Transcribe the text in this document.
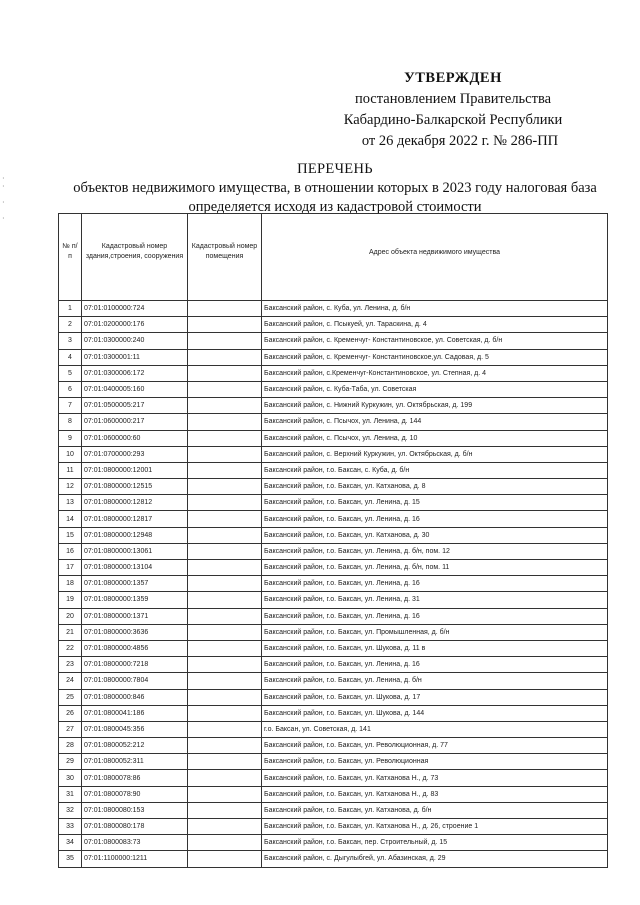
УТВЕРЖДЕН
постановлением Правительства
Кабардино-Балкарской Республики
от 26 декабря 2022 г. № 286-ПП
ПЕРЕЧЕНЬ
объектов недвижимого имущества, в отношении которых в 2023 году налоговая база
определяется исходя из кадастровой стоимости
·
·

·

·
№ п/п	Кадастровый номер здания,строения, сооружения	Кадастровый номер помещения	Адрес объекта недвижимого имущества
1	07:01:0100000:724		Баксанский район, с. Куба, ул. Ленина, д. б/н
2	07:01:0200000:176		Баксанский район, с. Псыкуей, ул. Тараскина, д. 4
3	07:01:0300000:240		Баксанский район, с. Кременчуг- Константиновское, ул. Советская, д. б/н
4	07:01:0300001:11		Баксанский район, с. Кременчуг- Константиновское,ул. Садовая, д. 5
5	07:01:0300006:172		Баксанский район, с.Кременчуг-Константиновское, ул. Степная, д. 4
6	07:01:0400005:160		Баксанский район, с. Куба-Таба, ул. Советская
7	07:01:0500005:217		Баксанский район, с. Нижний Куркужин, ул. Октябрьская, д. 199
8	07:01:0600000:217		Баксанский район, с. Псычох, ул. Ленина, д. 144
9	07:01:0600000:60		Баксанский район, с. Псычох, ул. Ленина, д. 10
10	07:01:0700000:293		Баксанский район, с. Верхний Куркужин, ул. Октябрьская, д. б/н
11	07:01:0800000:12001		Баксанский район, г.о. Баксан, с. Куба, д. б/н
12	07:01:0800000:12515		Баксанский район, г.о. Баксан, ул. Катханова, д. 8
13	07:01:0800000:12812		Баксанский район, г.о. Баксан, ул. Ленина, д. 15
14	07:01:0800000:12817		Баксанский район, г.о. Баксан, ул. Ленина, д. 16
15	07:01:0800000:12948		Баксанский район, г.о. Баксан, ул. Катханова, д. 30
16	07:01:0800000:13061		Баксанский район, г.о. Баксан, ул. Ленина, д. б/н, пом. 12
17	07:01:0800000:13104		Баксанский район, г.о. Баксан, ул. Ленина, д. б/н, пом. 11
18	07:01:0800000:1357		Баксанский район, г.о. Баксан, ул. Ленина, д. 16
19	07:01:0800000:1359		Баксанский район, г.о. Баксан, ул. Ленина, д. 31
20	07:01:0800000:1371		Баксанский район, г.о. Баксан, ул. Ленина, д. 16
21	07:01:0800000:3636		Баксанский район, г.о. Баксан, ул. Промышленная, д. б/н
22	07:01:0800000:4856		Баксанский район, г.о. Баксан, ул. Шукова, д. 11 в
23	07:01:0800000:7218		Баксанский район, г.о. Баксан, ул. Ленина, д. 16
24	07:01:0800000:7804		Баксанский район, г.о. Баксан, ул. Ленина, д. б/н
25	07:01:0800000:846		Баксанский район, г.о. Баксан, ул. Шукова, д. 17
26	07:01:0800041:186		Баксанский район, г.о. Баксан, ул. Шукова, д. 144
27	07:01:0800045:356		г.о. Баксан, ул. Советская, д. 141
28	07:01:0800052:212		Баксанский район, г.о. Баксан, ул. Революционная, д. 77
29	07:01:0800052:311		Баксанский район, г.о. Баксан, ул. Революционная
30	07:01:0800078:86		Баксанский район, г.о. Баксан, ул. Катханова Н., д. 73
31	07:01:0800078:90		Баксанский район, г.о. Баксан, ул. Катханова Н., д. 83
32	07:01:0800080:153		Баксанский район, г.о. Баксан, ул. Катханова, д. б/н
33	07:01:0800080:178		Баксанский район, г.о. Баксан, ул. Катханова Н., д. 26, строение 1
34	07:01:0800083:73		Баксанский район, г.о. Баксан, пер. Строительный, д. 15
35	07:01:1100000:1211		Баксанский район, с. Дыгулыбгей, ул. Абазинская, д. 29
